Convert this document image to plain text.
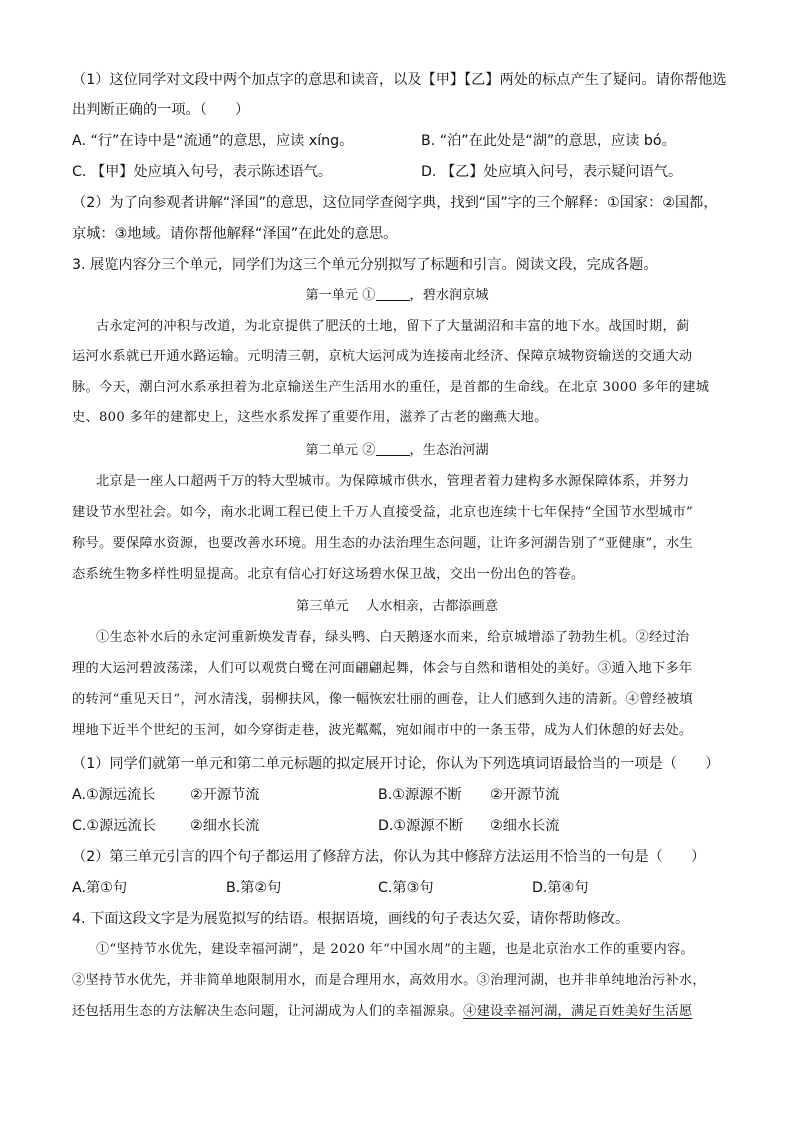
（1）这位同学对文段中两个加点字的意思和读音，以及【甲】【乙】两处的标点产生了疑问。请你帮他选
出判断正确的一项。（　　）
A. “行”在诗中是“流通”的意思，应读 xíng。	B. “泊”在此处是“湖”的意思，应读 bó。
C. 【甲】处应填入句号，表示陈述语气。	D. 【乙】处应填入问号，表示疑问语气。
（2）为了向参观者讲解“泽国”的意思，这位同学查阅字典，找到“国”字的三个解释：①国家：②国都，
京城：③地域。请你帮他解释“泽国”在此处的意思。
3. 展览内容分三个单元，同学们为这三个单元分别拟写了标题和引言。阅读文段，完成各题。
第一单元 ①	，碧水润京城
古永定河的冲积与改道，为北京提供了肥沃的土地，留下了大量湖沼和丰富的地下水。战国时期，蓟
运河水系就已开通水路运输。元明清三朝，京杭大运河成为连接南北经济、保障京城物资输送的交通大动
脉。今天，潮白河水系承担着为北京输送生产生活用水的重任，是首都的生命线。在北京 3000 多年的建城
史、800 多年的建都史上，这些水系发挥了重要作用，滋养了古老的幽燕大地。
第二单元 ②	，生态治河湖
北京是一座人口超两千万的特大型城市。为保障城市供水，管理者着力建构多水源保障体系，并努力
建设节水型社会。如今，南水北调工程已使上千万人直接受益，北京也连续十七年保持“全国节水型城市”
称号。要保障水资源，也要改善水环境。用生态的办法治理生态问题，让许多河湖告别了“亚健康”，水生
态系统生物多样性明显提高。北京有信心打好这场碧水保卫战，交出一份出色的答卷。
第三单元　 人水相亲，古都添画意
①生态补水后的永定河重新焕发青春，绿头鸭、白天鹅逐水而来，给京城增添了勃勃生机。②经过治
理的大运河碧波荡漾，人们可以观赏白鹭在河面翩翩起舞，体会与自然和谐相处的美好。③遁入地下多年
的转河“重见天日”，河水清浅，弱柳扶风，像一幅恢宏壮丽的画卷，让人们感到久违的清新。④曾经被填
埋地下近半个世纪的玉河，如今穿街走巷，波光粼粼，宛如闹市中的一条玉带，成为人们休憩的好去处。
（1）同学们就第一单元和第二单元标题的拟定展开讨论，你认为下列选填词语最恰当的一项是（　　）
A.①源远流长 ②开源节流	B.①源源不断 ②开源节流
C.①源远流长 ②细水长流	D.①源源不断 ②细水长流
（2）第三单元引言的四个句子都运用了修辞方法，你认为其中修辞方法运用不恰当的一句是（　　）
A.第①句	B.第②句	C.第③句	D.第④句
4. 下面这段文字是为展览拟写的结语。根据语境，画线的句子表达欠妥，请你帮助修改。
①“坚持节水优先，建设幸福河湖”，是 2020 年“中国水周”的主题，也是北京治水工作的重要内容。
②坚持节水优先，并非简单地限制用水，而是合理用水，高效用水。③治理河湖，也并非单纯地治污补水，
还包括用生态的方法解决生态问题，让河湖成为人们的幸福源泉。④建设幸福河湖，满足百姓美好生活愿
